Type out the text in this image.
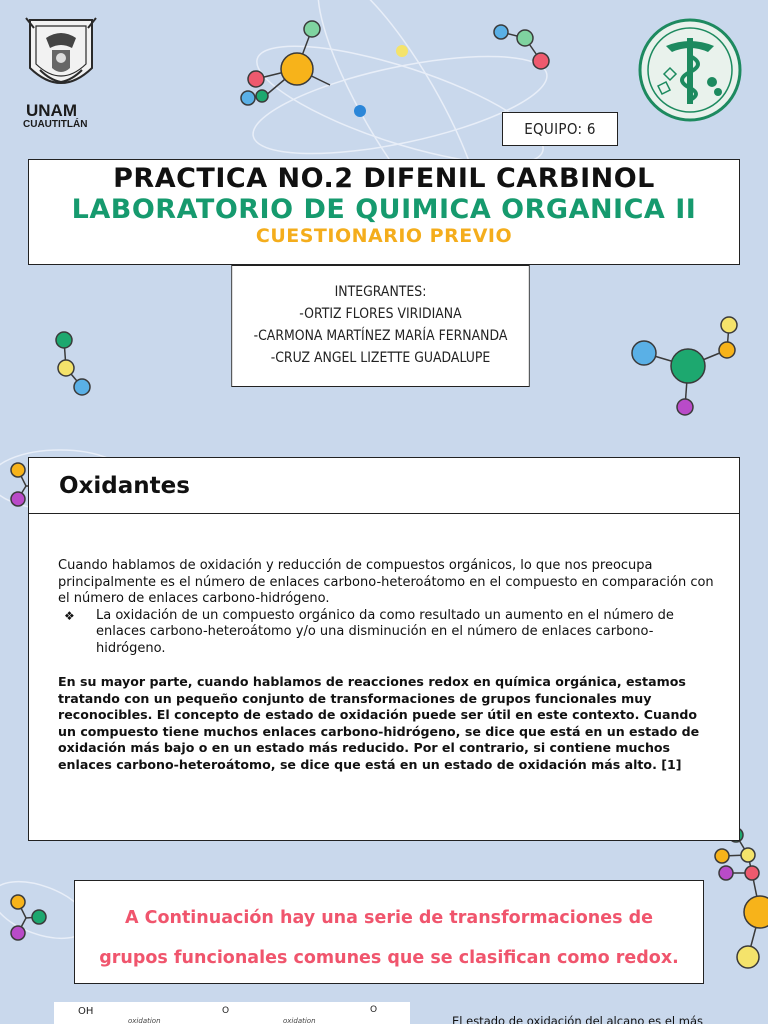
UNAM
CUAUTITLÁN	EQUIPO: 6
PRACTICA NO.2 DIFENIL CARBINOL
LABORATORIO DE QUIMICA ORGANICA II
CUESTIONARIO PREVIO
INTEGRANTES:
-ORTIZ FLORES VIRIDIANA
-CARMONA MARTÍNEZ MARÍA FERNANDA
-CRUZ ANGEL LIZETTE GUADALUPE
Oxidantes
Cuando hablamos de oxidación y reducción de compuestos orgánicos, lo que nos preocupa principalmente es el número de enlaces carbono-heteroátomo en el compuesto en comparación con el número de enlaces carbono-hidrógeno.
❖	La oxidación de un compuesto orgánico da como resultado un aumento en el número de enlaces carbono-heteroátomo y/o una disminución en el número de enlaces carbono-hidrógeno.
En su mayor parte, cuando hablamos de reacciones redox en química orgánica, estamos tratando con un pequeño conjunto de transformaciones de grupos funcionales muy reconocibles. El concepto de estado de oxidación puede ser útil en este contexto. Cuando un compuesto tiene muchos enlaces carbono-hidrógeno, se dice que está en un estado de oxidación más bajo o en un estado más reducido. Por el contrario, si contiene muchos enlaces carbono-heteroátomo, se dice que está en un estado de oxidación más alto. [1]
A Continuación hay una serie de transformaciones de
grupos funcionales comunes que se clasifican como redox.
OH
oxidation
O
oxidation
O
El estado de oxidación del alcano es el más
